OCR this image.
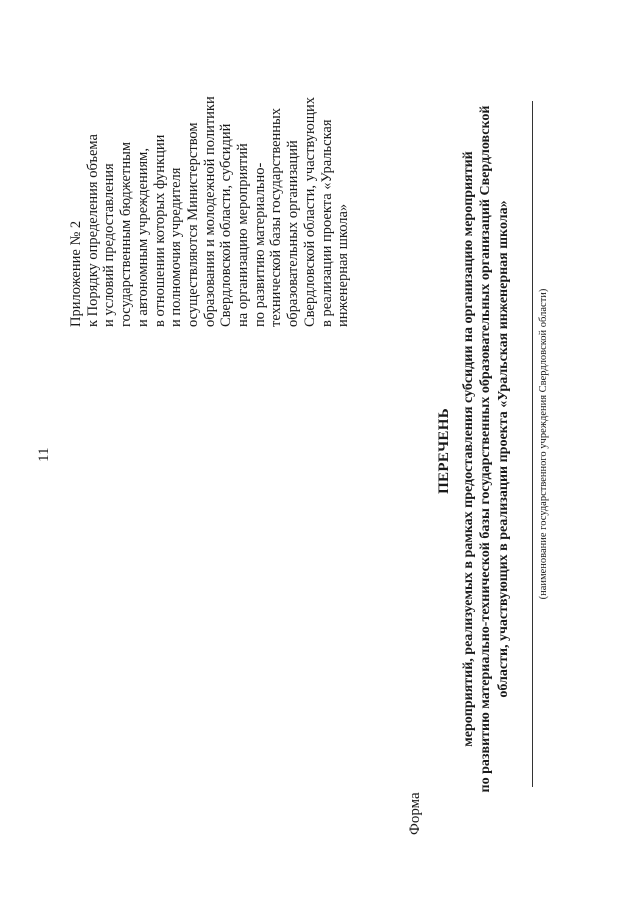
11
Приложение № 2 к Порядку определения объема и условий предоставления государственным бюджетным и автономным учреждениям, в отношении которых функции и полномочия учредителя осуществляются Министерством образования и молодежной политики Свердловской области, субсидий на организацию мероприятий по развитию материально- технической базы государственных образовательных организаций Свердловской области, участвующих в реализации проекта «Уральская инженерная школа»
Форма
ПЕРЕЧЕНЬ мероприятий, реализуемых в рамках предоставления субсидии на организацию мероприятий по развитию материально-технической базы государственных образовательных организаций Свердловской области, участвующих в реализации проекта «Уральская инженерная школа»	(наименование государственного учреждения Свердловской области)
